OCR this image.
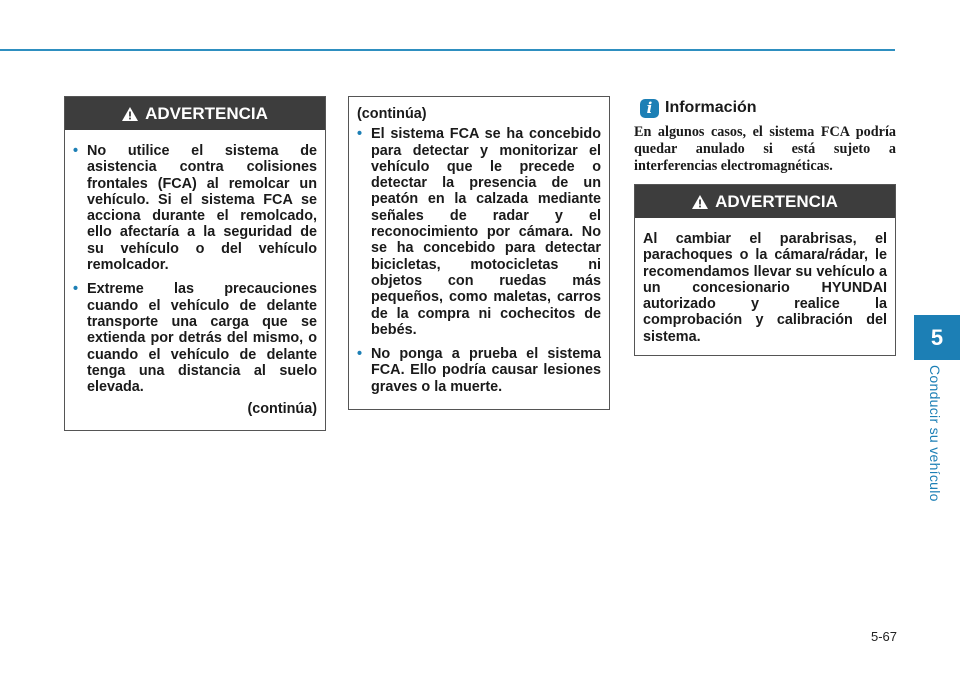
ADVERTENCIA
• No utilice el sistema de asistencia contra colisiones frontales (FCA) al remolcar un vehículo. Si el sistema FCA se acciona durante el remolcado, ello afectaría a la seguridad de su vehículo o del vehículo remolcador.
• Extreme las precauciones cuando el vehículo de delante transporte una carga que se extienda por detrás del mismo, o cuando el vehículo de delante tenga una distancia al suelo elevada.
(continúa)
(continúa)
• El sistema FCA se ha concebido para detectar y monitorizar el vehículo que le precede o detectar la presencia de un peatón en la calzada mediante señales de radar y el reconocimiento por cámara. No se ha concebido para detectar bicicletas, motocicletas ni objetos con ruedas más pequeños, como maletas, carros de la compra ni cochecitos de bebés.
• No ponga a prueba el sistema FCA. Ello podría causar lesiones graves o la muerte.
i Información
En algunos casos, el sistema FCA podría quedar anulado si está sujeto a interferencias electromagnéticas.
ADVERTENCIA
Al cambiar el parabrisas, el parachoques o la cámara/rádar, le recomendamos llevar su vehículo a un concesionario HYUNDAI autorizado y realice la comprobación y calibración del sistema.	5
Conducir su vehículo
5-67
